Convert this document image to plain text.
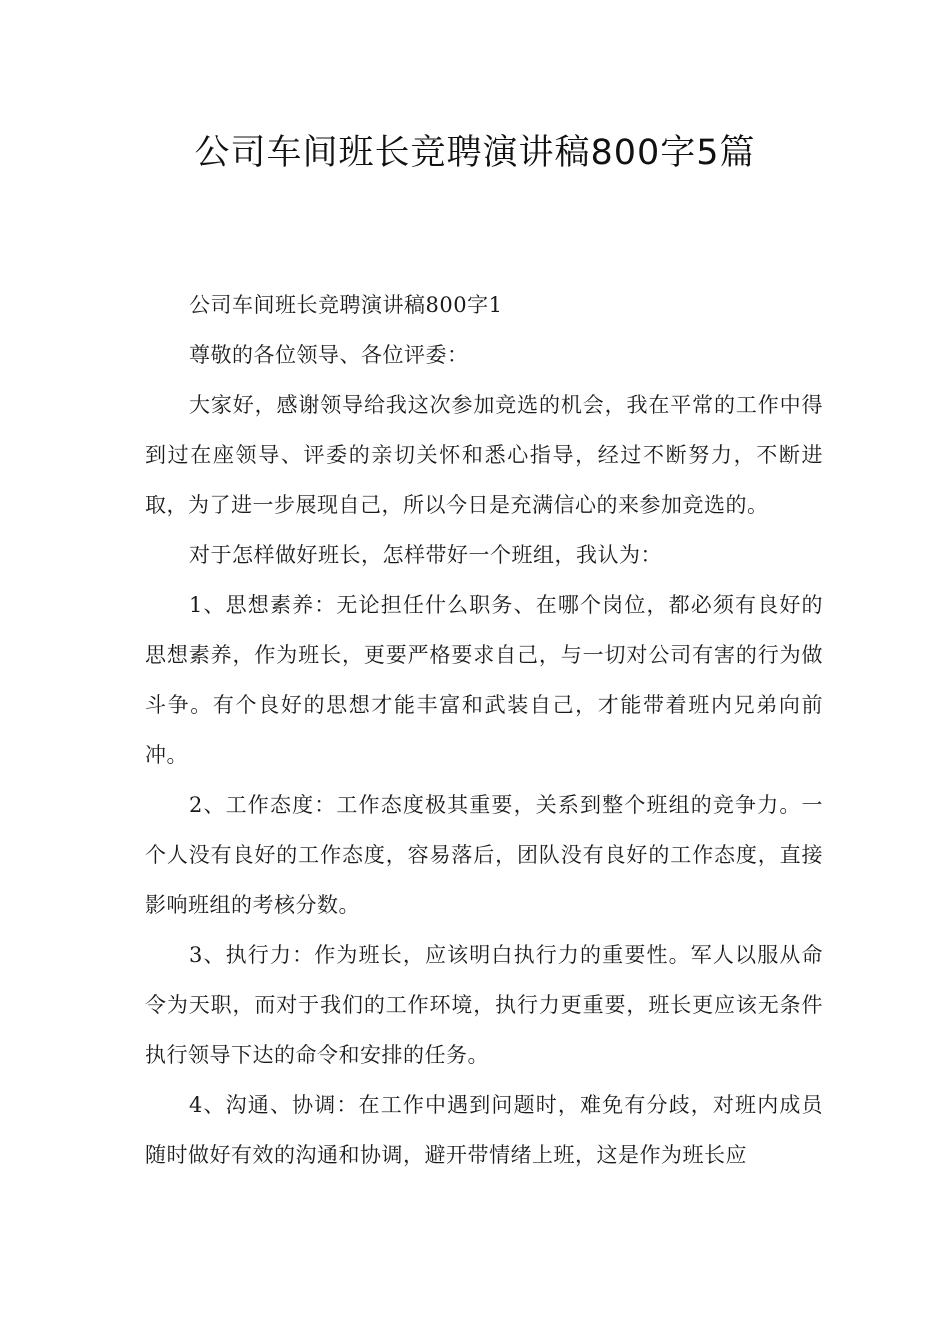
公司车间班长竞聘演讲稿800字5篇

公司车间班长竞聘演讲稿800字1

尊敬的各位领导、各位评委：

大家好，感谢领导给我这次参加竞选的机会，我在平常的工作中得到过在座领导、评委的亲切关怀和悉心指导，经过不断努力，不断进取，为了进一步展现自己，所以今日是充满信心的来参加竞选的。

对于怎样做好班长，怎样带好一个班组，我认为：

1、思想素养：无论担任什么职务、在哪个岗位，都必须有良好的思想素养，作为班长，更要严格要求自己，与一切对公司有害的行为做斗争。有个良好的思想才能丰富和武装自己，才能带着班内兄弟向前冲。

2、工作态度：工作态度极其重要，关系到整个班组的竞争力。一个人没有良好的工作态度，容易落后，团队没有良好的工作态度，直接影响班组的考核分数。

3、执行力：作为班长，应该明白执行力的重要性。军人以服从命令为天职，而对于我们的工作环境，执行力更重要，班长更应该无条件执行领导下达的命令和安排的任务。

4、沟通、协调：在工作中遇到问题时，难免有分歧，对班内成员随时做好有效的沟通和协调，避开带情绪上班，这是作为班长应
